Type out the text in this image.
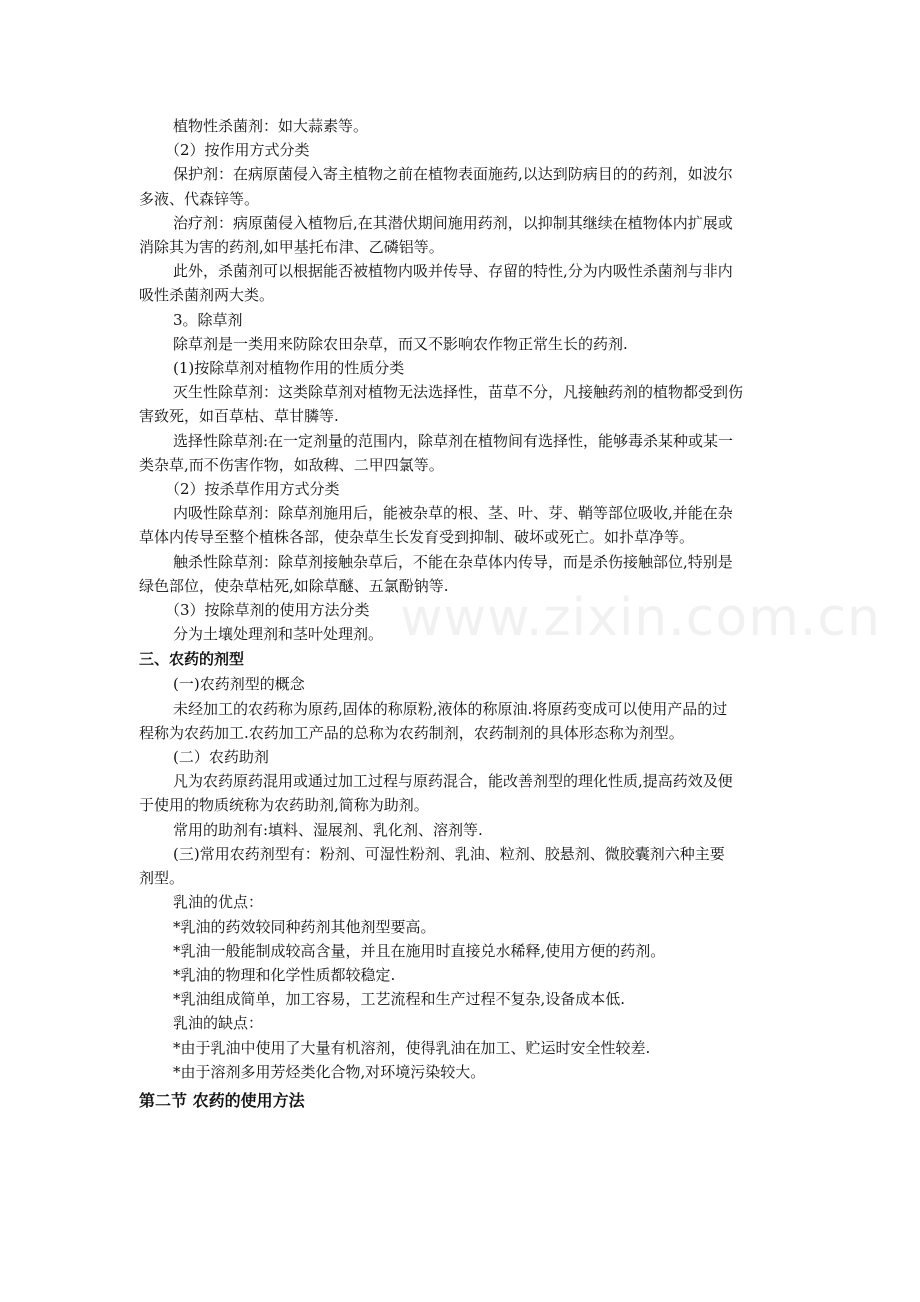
www.zixin.com.cn
植物性杀菌剂：如大蒜素等。
（2）按作用方式分类
保护剂：在病原菌侵入寄主植物之前在植物表面施药,以达到防病目的的药剂，如波尔
多液、代森锌等。
治疗剂：病原菌侵入植物后,在其潜伏期间施用药剂，以抑制其继续在植物体内扩展或
消除其为害的药剂,如甲基托布津、乙磷铝等。
此外，杀菌剂可以根据能否被植物内吸并传导、存留的特性,分为内吸性杀菌剂与非内
吸性杀菌剂两大类。
3。除草剂
除草剂是一类用来防除农田杂草，而又不影响农作物正常生长的药剂.
(1)按除草剂对植物作用的性质分类
灭生性除草剂：这类除草剂对植物无法选择性，苗草不分，凡接触药剂的植物都受到伤
害致死，如百草枯、草甘膦等.
选择性除草剂:在一定剂量的范围内，除草剂在植物间有选择性，能够毒杀某种或某一
类杂草,而不伤害作物，如敌稗、二甲四氯等。
（2）按杀草作用方式分类
内吸性除草剂：除草剂施用后，能被杂草的根、茎、叶、芽、鞘等部位吸收,并能在杂
草体内传导至整个植株各部，使杂草生长发育受到抑制、破坏或死亡。如扑草净等。
触杀性除草剂：除草剂接触杂草后，不能在杂草体内传导，而是杀伤接触部位,特别是
绿色部位，使杂草枯死,如除草醚、五氯酚钠等.
（3）按除草剂的使用方法分类
分为土壤处理剂和茎叶处理剂。
三、农药的剂型
(一)农药剂型的概念
未经加工的农药称为原药,固体的称原粉,液体的称原油.将原药变成可以使用产品的过
程称为农药加工.农药加工产品的总称为农药制剂，农药制剂的具体形态称为剂型。
(二）农药助剂
凡为农药原药混用或通过加工过程与原药混合，能改善剂型的理化性质,提高药效及便
于使用的物质统称为农药助剂,简称为助剂。
常用的助剂有:填料、湿展剂、乳化剂、溶剂等.
(三)常用农药剂型有：粉剂、可湿性粉剂、乳油、粒剂、胶悬剂、微胶囊剂六种主要
剂型。
乳油的优点：
*乳油的药效较同种药剂其他剂型要高。
*乳油一般能制成较高含量，并且在施用时直接兑水稀释,使用方便的药剂。
*乳油的物理和化学性质都较稳定.
*乳油组成简单，加工容易，工艺流程和生产过程不复杂,设备成本低.
乳油的缺点：
*由于乳油中使用了大量有机溶剂，使得乳油在加工、贮运时安全性较差.
*由于溶剂多用芳烃类化合物,对环境污染较大。
第二节 农药的使用方法
